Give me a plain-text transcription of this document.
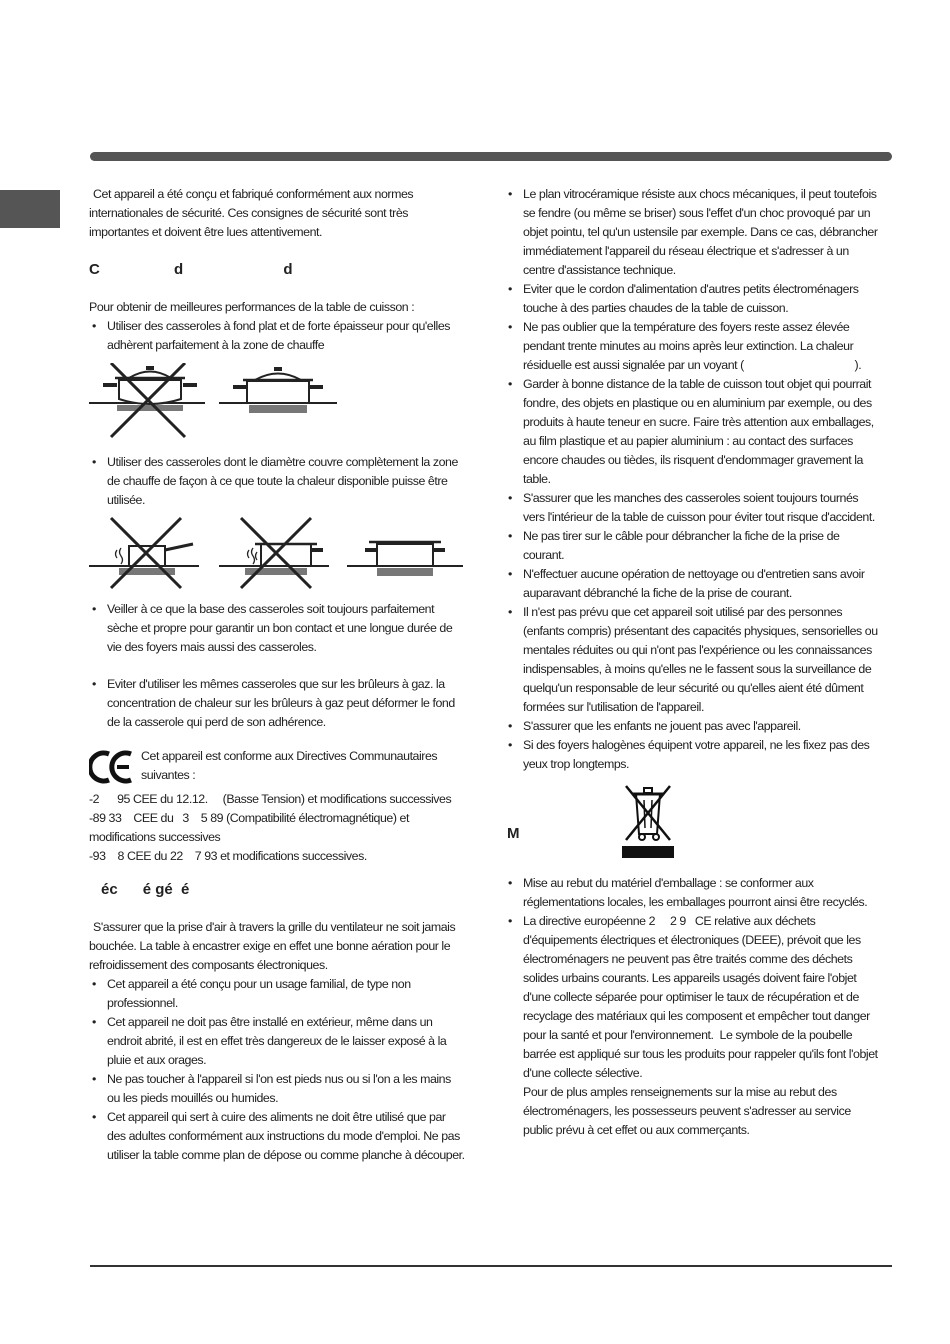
Cet appareil a été conçu et fabriqué conformément aux normes internationales de sécurité. Ces consignes de sécurité sont très importantes et doivent être lues attentivement.

C	d	d

Pour obtenir de meilleures performances de la table de cuisson :

• Utiliser des casseroles à fond plat et de forte épaisseur pour qu'elles adhèrent parfaitement à la zone de chauffe
• Utiliser des casseroles dont le diamètre couvre complètement la zone de chauffe de façon à ce que toute la chaleur disponible puisse être utilisée.
• Veiller à ce que la base des casseroles soit toujours parfaitement sèche et propre pour garantir un bon contact et une longue durée de vie des foyers mais aussi des casseroles.
• Eviter d'utiliser les mêmes casseroles que sur les brûleurs à gaz. la concentration de chaleur sur les brûleurs à gaz peut déformer le fond de la casserole qui perd de son adhérence.

Cet appareil est conforme aux Directives Communautaires suivantes :

-2      95 CEE du 12.12.     (Basse Tension) et modifications successives

-89 33    CEE du   3    5 89 (Compatibilité électromagnétique) et modifications successives

-93    8 CEE du 22    7 93 et modifications successives.

éc      é gé  é

S'assurer que la prise d'air à travers la grille du ventilateur ne soit jamais bouchée. La table à encastrer exige en effet une bonne aération pour le refroidissement des composants électroniques.

• Cet appareil a été conçu pour un usage familial, de type non professionnel.
• Cet appareil ne doit pas être installé en extérieur, même dans un endroit abrité, il est en effet très dangereux de le laisser exposé à la pluie et aux orages.
• Ne pas toucher à l'appareil si l'on est pieds nus ou si l'on a les mains ou les pieds mouillés ou humides.
• Cet appareil qui sert à cuire des aliments ne doit être utilisé que par des adultes conformément aux instructions du mode d'emploi. Ne pas utiliser la table comme plan de dépose ou comme planche à découper.
• Le plan vitrocéramique résiste aux chocs mécaniques, il peut toutefois se fendre (ou même se briser) sous l'effet d'un choc provoqué par un objet pointu, tel qu'un ustensile par exemple. Dans ce cas, débrancher immédiatement l'appareil du réseau électrique et s'adresser à un centre d'assistance technique.
• Eviter que le cordon d'alimentation d'autres petits électroménagers touche à des parties chaudes de la table de cuisson.
• Ne pas oublier que la température des foyers reste assez élevée pendant trente minutes au moins après leur extinction. La chaleur résiduelle est aussi signalée par un voyant (                                     ).
• Garder à bonne distance de la table de cuisson tout objet qui pourrait fondre, des objets en plastique ou en aluminium par exemple, ou des produits à haute teneur en sucre. Faire très attention aux emballages, au film plastique et au papier aluminium : au contact des surfaces encore chaudes ou tièdes, ils risquent d'endommager gravement la table.
• S'assurer que les manches des casseroles soient toujours tournés vers l'intérieur de la table de cuisson pour éviter tout risque d'accident.
• Ne pas tirer sur le câble pour débrancher la fiche de la prise de courant.
• N'effectuer aucune opération de nettoyage ou d'entretien sans avoir auparavant débranché la fiche de la prise de courant.
• Il n'est pas prévu que cet appareil soit utilisé par des personnes (enfants compris) présentant des capacités physiques, sensorielles ou mentales réduites ou qui n'ont pas l'expérience ou les connaissances indispensables, à moins qu'elles ne le fassent sous la surveillance de quelqu'un responsable de leur sécurité ou qu'elles aient été dûment formées sur l'utilisation de l'appareil.
• S'assurer que les enfants ne jouent pas avec l'appareil.
• Si des foyers halogènes équipent votre appareil, ne les fixez pas des yeux trop longtemps.
M
• Mise au rebut du matériel d'emballage : se conformer aux réglementations locales, les emballages pourront ainsi être recyclés.
• La directive européenne 2     2 9   CE relative aux déchets d'équipements électriques et électroniques (DEEE), prévoit que les électroménagers ne peuvent pas être traités comme des déchets solides urbains courants. Les appareils usagés doivent faire l'objet d'une collecte séparée pour optimiser le taux de récupération et de recyclage des matériaux qui les composent et empêcher tout danger pour la santé et pour l'environnement.  Le symbole de la poubelle barrée est appliqué sur tous les produits pour rappeler qu'ils font l'objet d'une collecte sélective.

Pour de plus amples renseignements sur la mise au rebut des électroménagers, les possesseurs peuvent s'adresser au service public prévu à cet effet ou aux commerçants.
